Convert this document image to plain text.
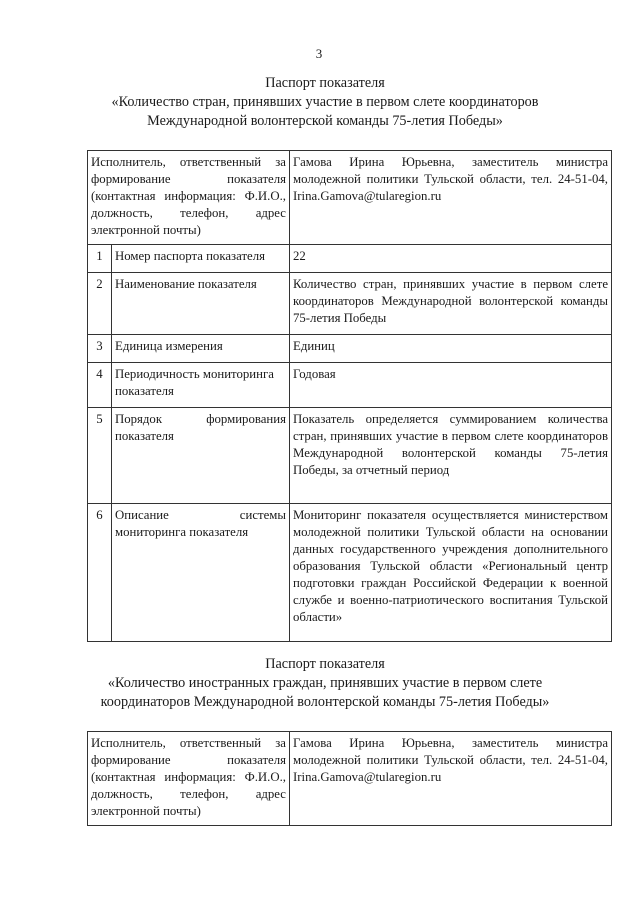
3
Паспорт показателя
«Количество стран, принявших участие в первом слете координаторов
Международной волонтерской команды 75-летия Победы»
Исполнитель, ответственный за формирование показателя (контактная информация: Ф.И.О., должность, телефон, адрес электронной почты)		Гамова Ирина Юрьевна, заместитель министра молодежной политики Тульской области, тел. 24-51-04, Irina.Gamova@tularegion.ru
1	Номер паспорта показателя	22
2	Наименование показателя	Количество стран, принявших участие в первом слете координаторов Международной волонтерской команды 75-летия Победы
3	Единица измерения	Единиц
4	Периодичность мониторинга показателя	Годовая
5	Порядок формирования показателя	Показатель определяется суммированием количества стран, принявших участие в первом слете координаторов Международной волонтерской команды 75-летия Победы, за отчетный период
6	Описание системы мониторинга показателя	Мониторинг показателя осуществляется министерством молодежной политики Тульской области на основании данных государственного учреждения дополнительного образования Тульской области «Региональный центр подготовки граждан Российской Федерации к военной службе и военно-патриотического воспитания Тульской области»
Паспорт показателя
«Количество иностранных граждан, принявших участие в первом слете
координаторов Международной волонтерской команды 75-летия Победы»
Исполнитель, ответственный за формирование показателя (контактная информация: Ф.И.О., должность, телефон, адрес электронной почты)	Гамова Ирина Юрьевна, заместитель министра молодежной политики Тульской области, тел. 24-51-04, Irina.Gamova@tularegion.ru
